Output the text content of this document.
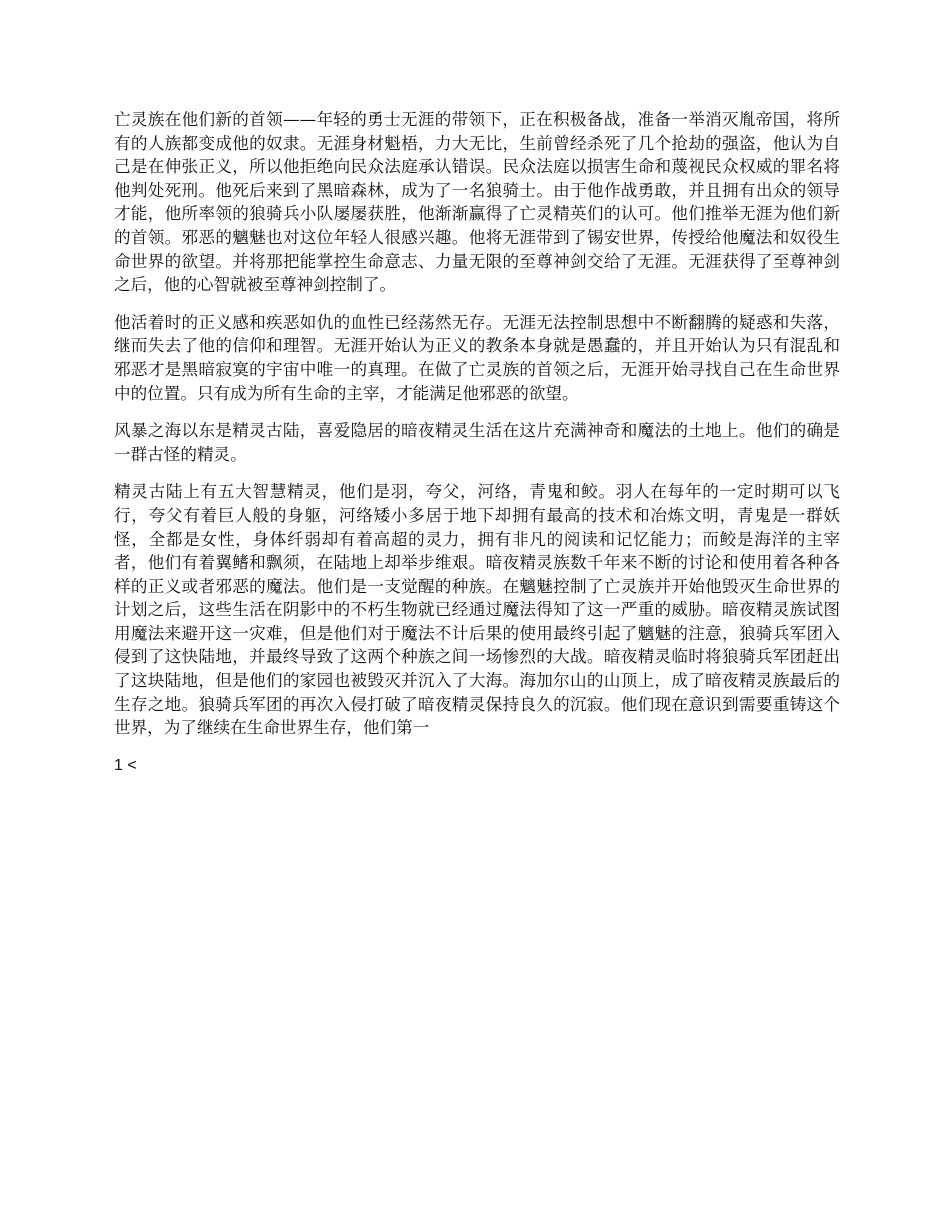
亡灵族在他们新的首领——年轻的勇士无涯的带领下，正在积极备战，准备一举消灭胤帝国，将所有的人族都变成他的奴隶。无涯身材魁梧，力大无比，生前曾经杀死了几个抢劫的强盗，他认为自己是在伸张正义，所以他拒绝向民众法庭承认错误。民众法庭以损害生命和蔑视民众权威的罪名将他判处死刑。他死后来到了黑暗森林，成为了一名狼骑士。由于他作战勇敢，并且拥有出众的领导才能，他所率领的狼骑兵小队屡屡获胜，他渐渐赢得了亡灵精英们的认可。他们推举无涯为他们新的首领。邪恶的魑魅也对这位年轻人很感兴趣。他将无涯带到了锡安世界，传授给他魔法和奴役生命世界的欲望。并将那把能掌控生命意志、力量无限的至尊神剑交给了无涯。无涯获得了至尊神剑之后，他的心智就被至尊神剑控制了。

他活着时的正义感和疾恶如仇的血性已经荡然无存。无涯无法控制思想中不断翻腾的疑惑和失落，继而失去了他的信仰和理智。无涯开始认为正义的教条本身就是愚蠢的，并且开始认为只有混乱和邪恶才是黑暗寂寞的宇宙中唯一的真理。在做了亡灵族的首领之后，无涯开始寻找自己在生命世界中的位置。只有成为所有生命的主宰，才能满足他邪恶的欲望。

风暴之海以东是精灵古陆，喜爱隐居的暗夜精灵生活在这片充满神奇和魔法的土地上。他们的确是一群古怪的精灵。

精灵古陆上有五大智慧精灵，他们是羽，夸父，河络，青鬼和鲛。羽人在每年的一定时期可以飞行，夸父有着巨人般的身躯，河络矮小多居于地下却拥有最高的技术和冶炼文明，青鬼是一群妖怪，全都是女性，身体纤弱却有着高超的灵力，拥有非凡的阅读和记忆能力；而鲛是海洋的主宰者，他们有着翼鳍和飘须，在陆地上却举步维艰。暗夜精灵族数千年来不断的讨论和使用着各种各样的正义或者邪恶的魔法。他们是一支觉醒的种族。在魑魅控制了亡灵族并开始他毁灭生命世界的计划之后，这些生活在阴影中的不朽生物就已经通过魔法得知了这一严重的威胁。暗夜精灵族试图用魔法来避开这一灾难，但是他们对于魔法不计后果的使用最终引起了魑魅的注意，狼骑兵军团入侵到了这快陆地，并最终导致了这两个种族之间一场惨烈的大战。暗夜精灵临时将狼骑兵军团赶出了这块陆地，但是他们的家园也被毁灭并沉入了大海。海加尔山的山顶上，成了暗夜精灵族最后的生存之地。狼骑兵军团的再次入侵打破了暗夜精灵保持良久的沉寂。他们现在意识到需要重铸这个世界，为了继续在生命世界生存，他们第一

1 <
